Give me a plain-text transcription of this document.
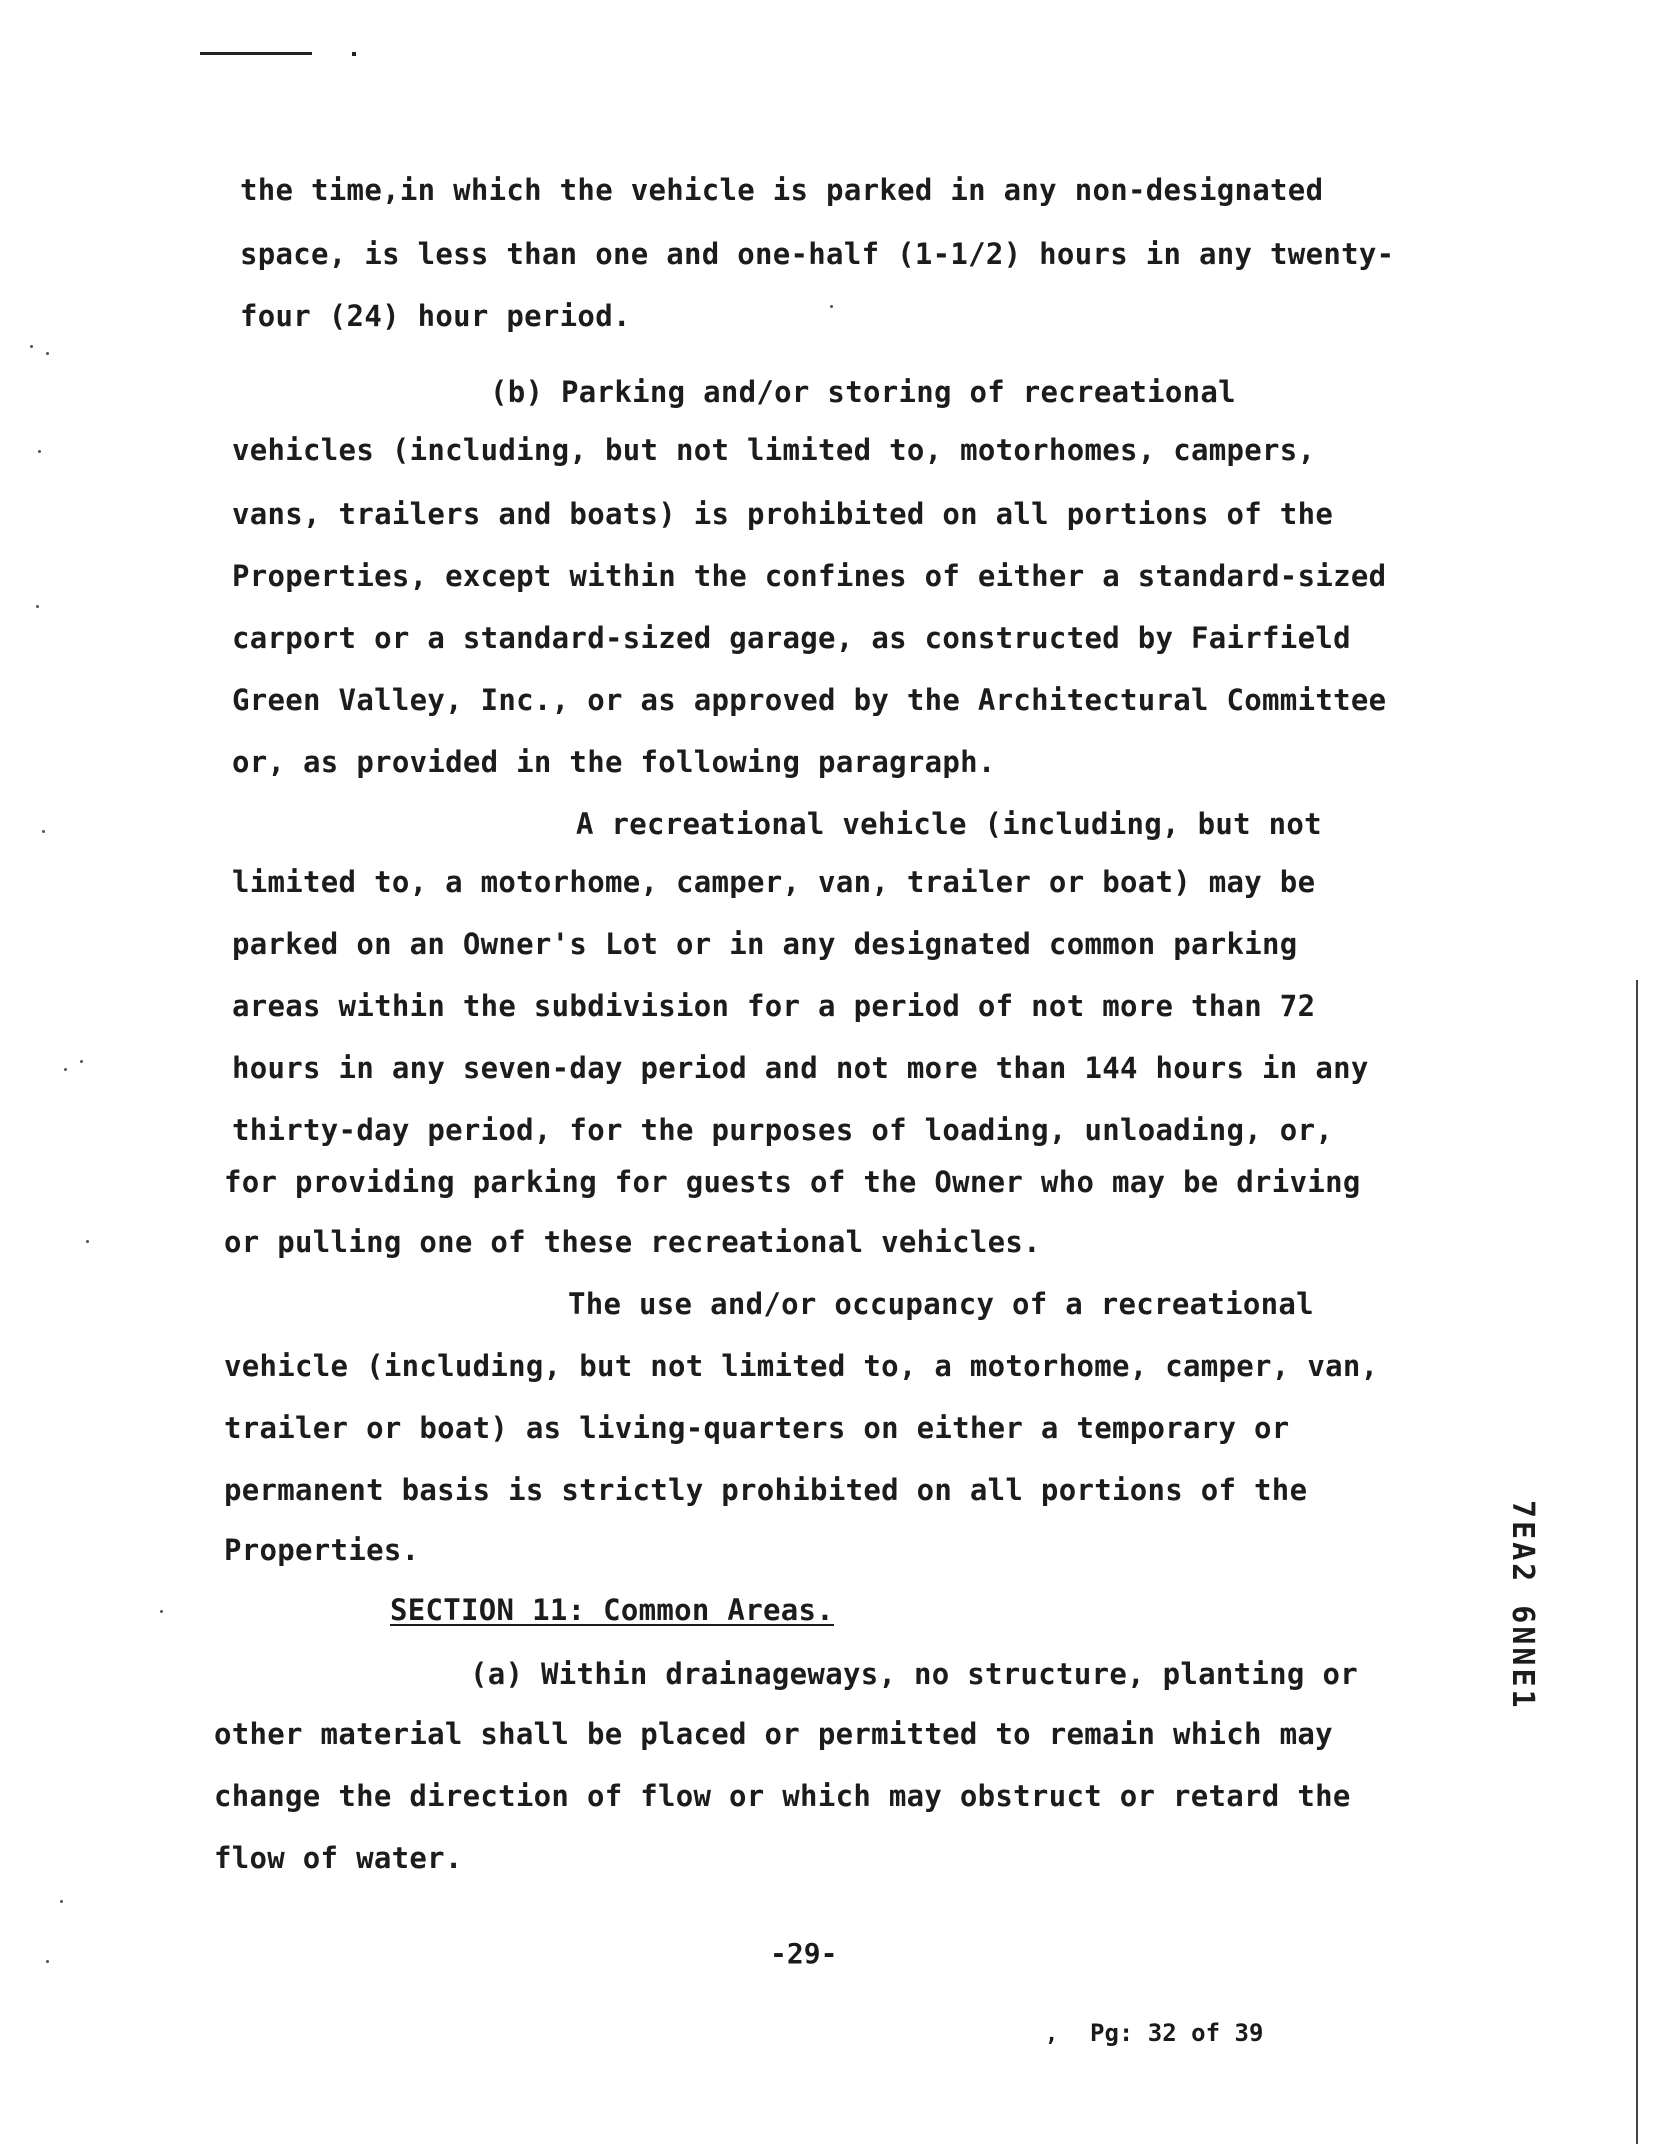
the time,in which the vehicle is parked in any non-designated
space, is less than one and one-half (1-1/2) hours in any twenty-
four (24) hour period.
(b) Parking and/or storing of recreational
vehicles (including, but not limited to, motorhomes, campers,
vans, trailers and boats) is prohibited on all portions of the
Properties, except within the confines of either a standard-sized
carport or a standard-sized garage, as constructed by Fairfield
Green Valley, Inc., or as approved by the Architectural Committee
or, as provided in the following paragraph.
A recreational vehicle (including, but not
limited to, a motorhome, camper, van, trailer or boat) may be
parked on an Owner's Lot or in any designated common parking
areas within the subdivision for a period of not more than 72
hours in any seven-day period and not more than 144 hours in any
thirty-day period, for the purposes of loading, unloading, or,
for providing parking for guests of the Owner who may be driving
or pulling one of these recreational vehicles.
The use and/or occupancy of a recreational
vehicle (including, but not limited to, a motorhome, camper, van,
trailer or boat) as living-quarters on either a temporary or
permanent basis is strictly prohibited on all portions of the
Properties.
SECTION 11: Common Areas.
(a) Within drainageways, no structure, planting or
other material shall be placed or permitted to remain which may
change the direction of flow or which may obstruct or retard the
flow of water.
-29-
, Pg: 32 of 39
7EA2 6NNE1
